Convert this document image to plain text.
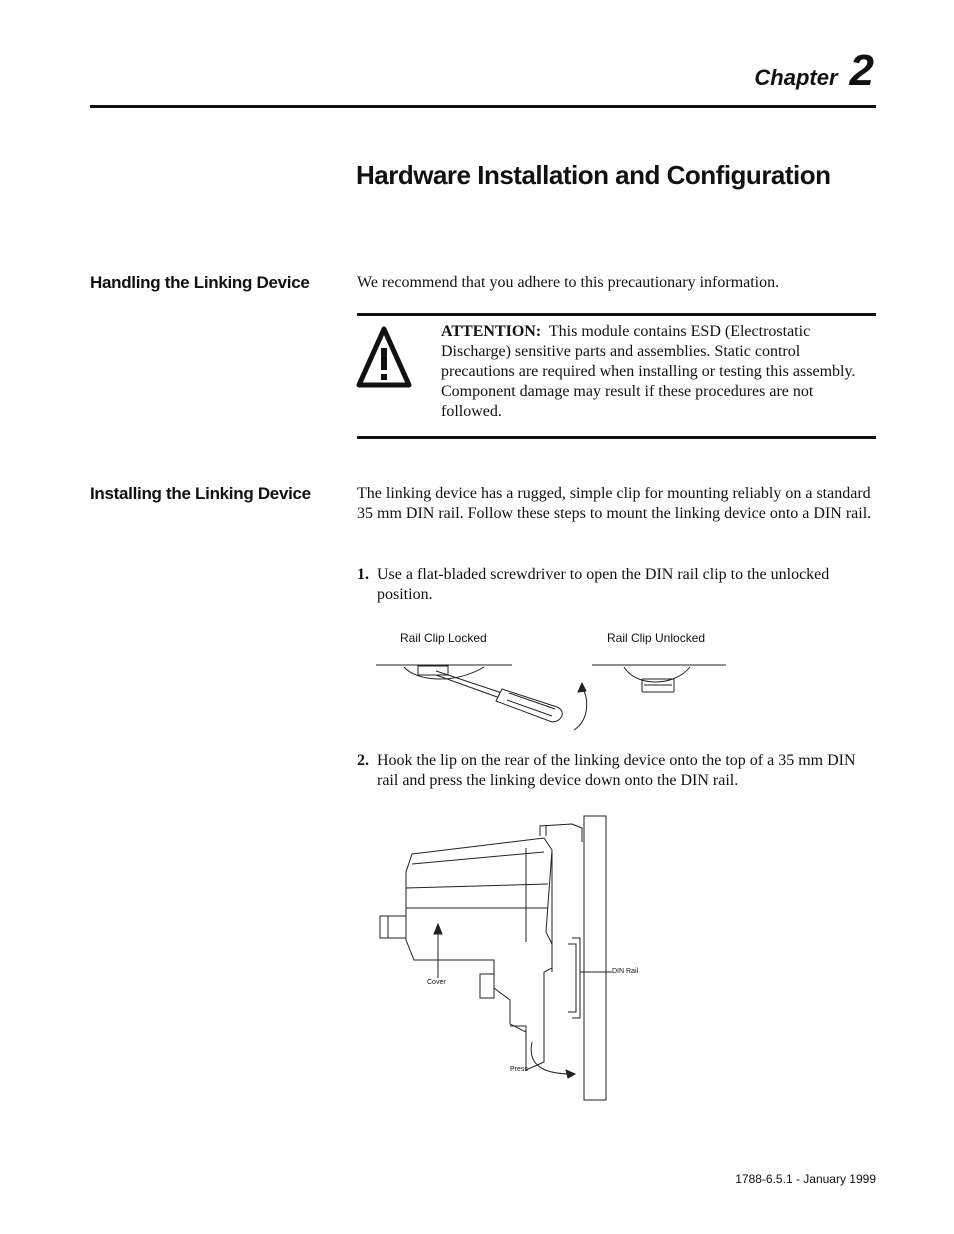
Chapter 2
Hardware Installation and Configuration
Handling the Linking Device	We recommend that you adhere to this precautionary information.

ATTENTION: This module contains ESD (Electrostatic Discharge) sensitive parts and assemblies. Static control precautions are required when installing or testing this assembly. Component damage may result if these procedures are not followed.

Installing the Linking Device	The linking device has a rugged, simple clip for mounting reliably on a standard 35 mm DIN rail. Follow these steps to mount the linking device onto a DIN rail.

1. Use a flat-bladed screwdriver to open the DIN rail clip to the unlocked position.
Rail Clip Locked	Rail Clip Unlocked
2. Hook the lip on the rear of the linking device onto the top of a 35 mm DIN rail and press the linking device down onto the DIN rail.
DIN Rail
Cover
Press
1788-6.5.1 - January 1999
